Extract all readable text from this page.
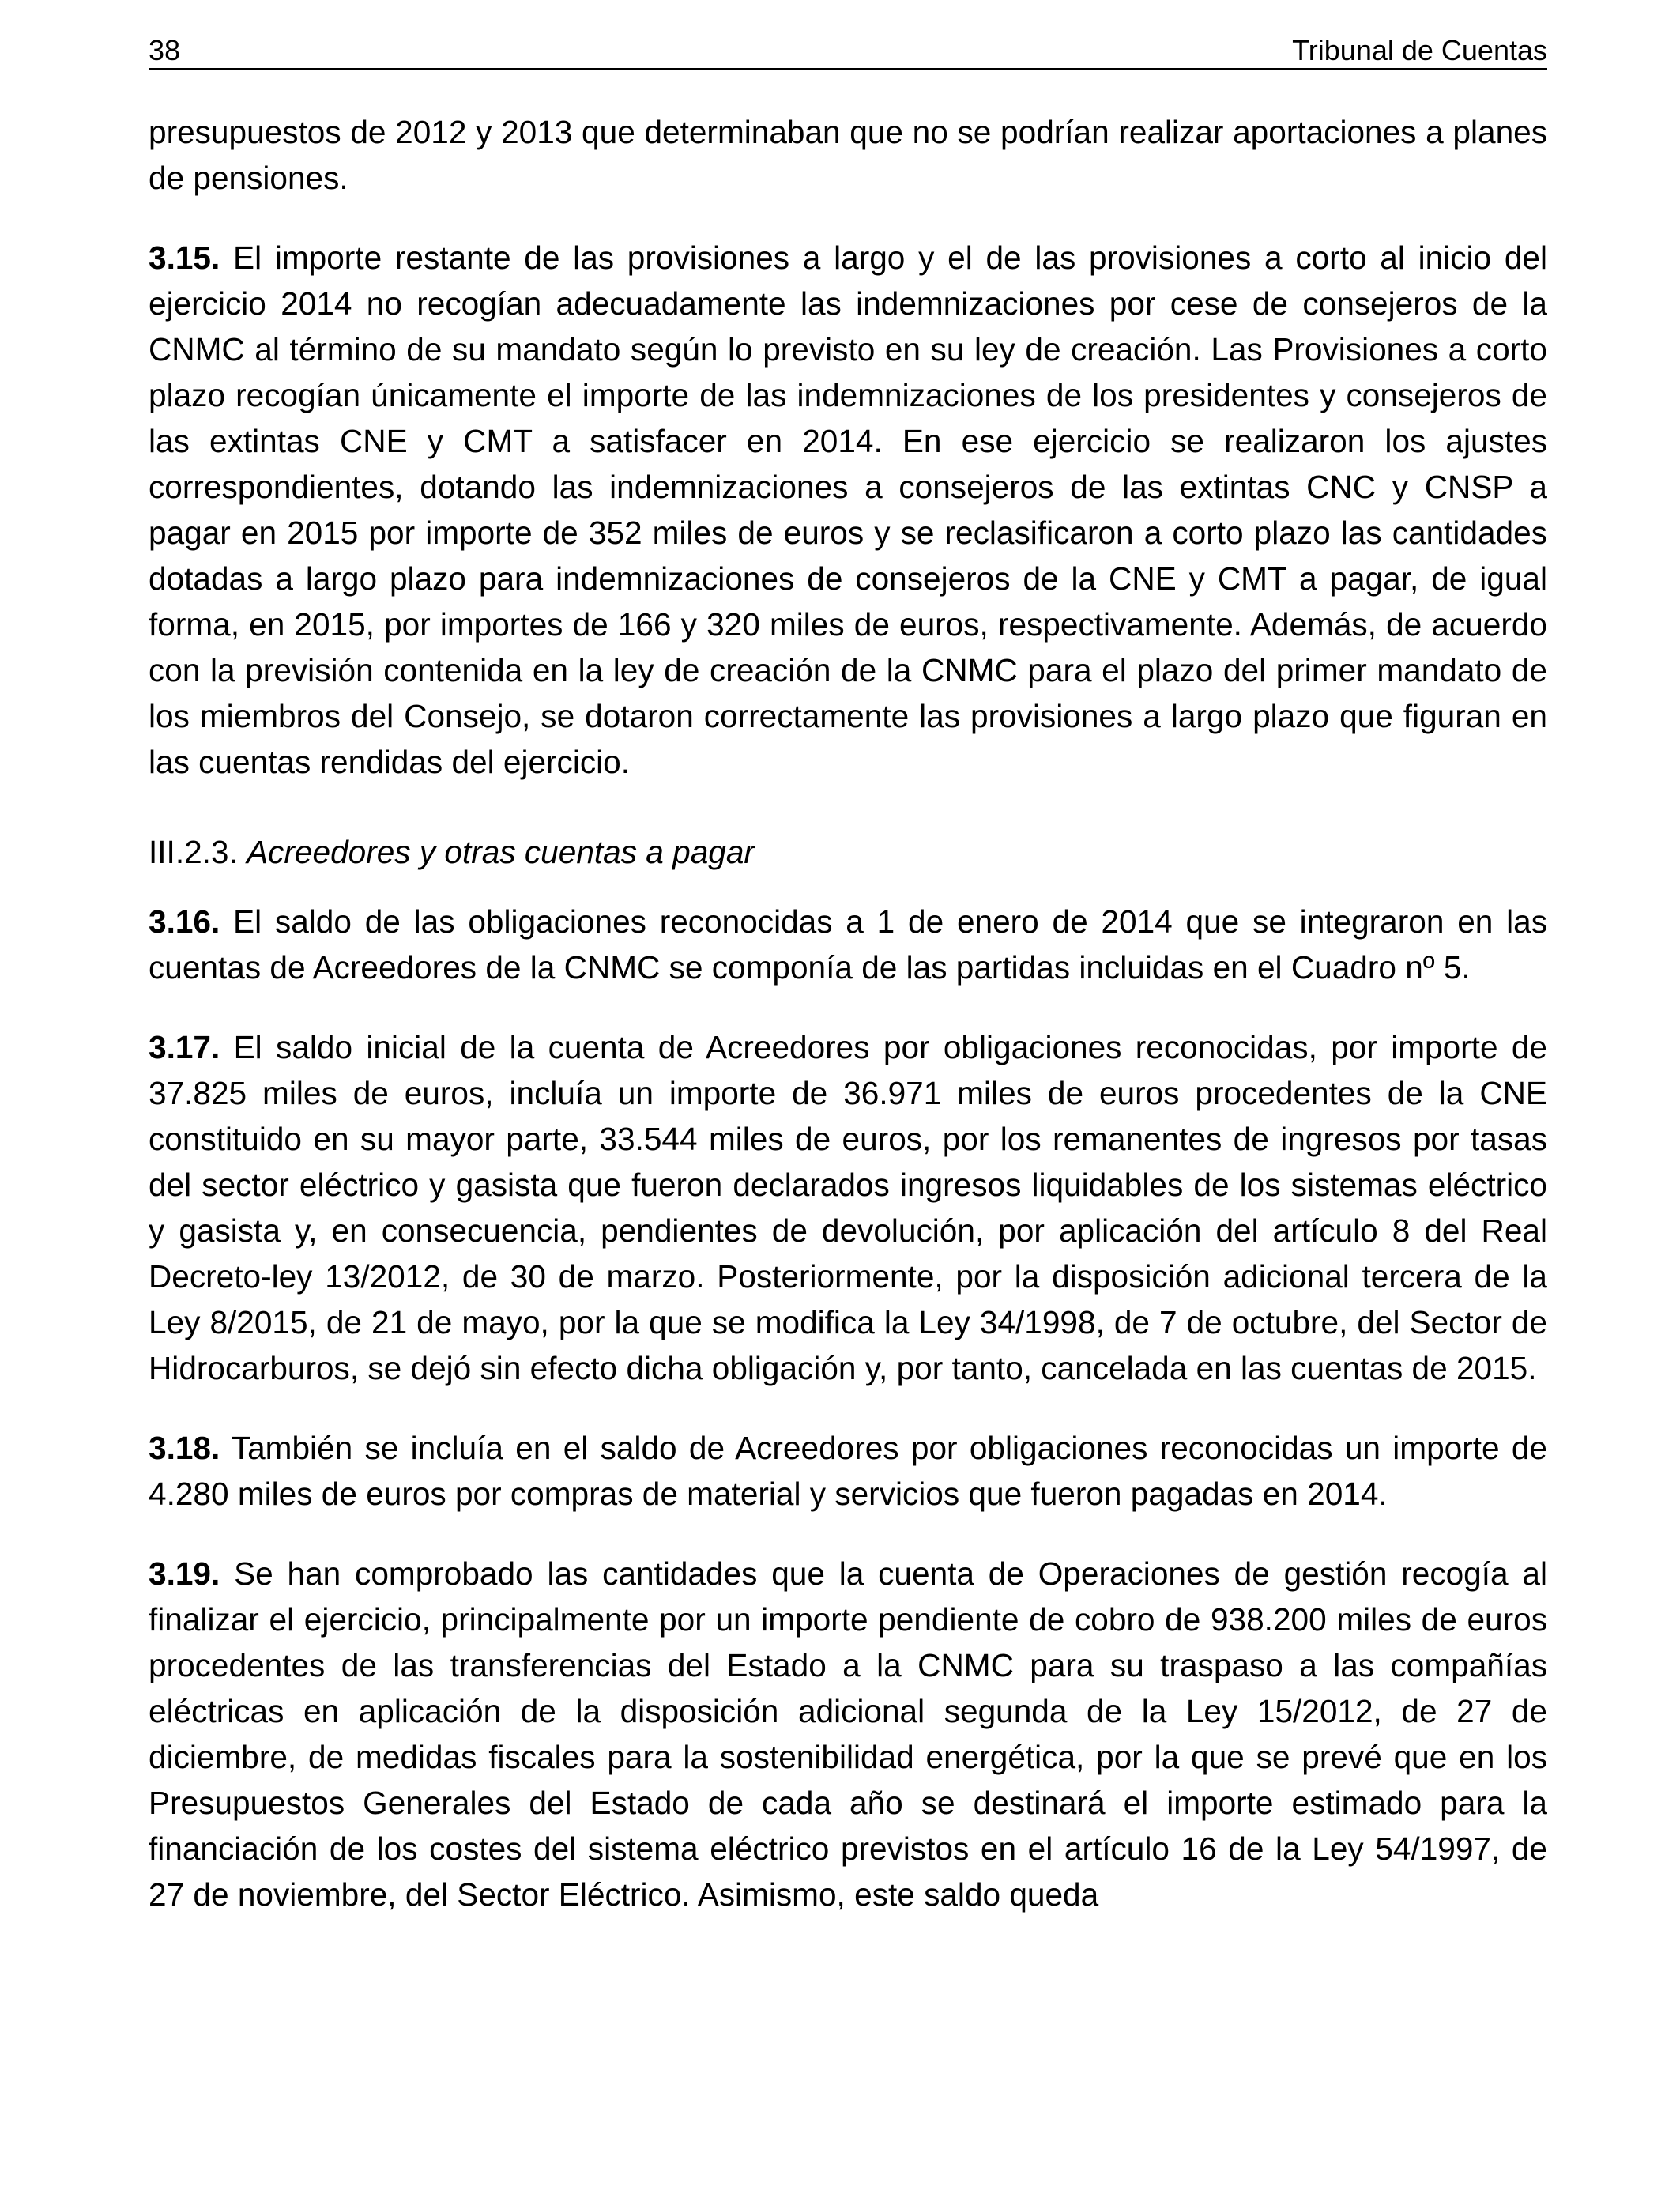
38	Tribunal de Cuentas

presupuestos de 2012 y 2013 que determinaban que no se podrían realizar aportaciones a planes de pensiones.

3.15. El importe restante de las provisiones a largo y el de las provisiones a corto al inicio del ejercicio 2014 no recogían adecuadamente las indemnizaciones por cese de consejeros de la CNMC al término de su mandato según lo previsto en su ley de creación. Las Provisiones a corto plazo recogían únicamente el importe de las indemnizaciones de los presidentes y consejeros de las extintas CNE y CMT a satisfacer en 2014. En ese ejercicio se realizaron los ajustes correspondientes, dotando las indemnizaciones a consejeros de las extintas CNC y CNSP a pagar en 2015 por importe de 352 miles de euros y se reclasificaron a corto plazo las cantidades dotadas a largo plazo para indemnizaciones de consejeros de la CNE y CMT a pagar, de igual forma, en 2015, por importes de 166 y 320 miles de euros, respectivamente. Además, de acuerdo con la previsión contenida en la ley de creación de la CNMC para el plazo del primer mandato de los miembros del Consejo, se dotaron correctamente las provisiones a largo plazo que figuran en las cuentas rendidas del ejercicio.

III.2.3. Acreedores y otras cuentas a pagar

3.16. El saldo de las obligaciones reconocidas a 1 de enero de 2014 que se integraron en las cuentas de Acreedores de la CNMC se componía de las partidas incluidas en el Cuadro nº 5.

3.17. El saldo inicial de la cuenta de Acreedores por obligaciones reconocidas, por importe de 37.825 miles de euros, incluía un importe de 36.971 miles de euros procedentes de la CNE constituido en su mayor parte, 33.544 miles de euros, por los remanentes de ingresos por tasas del sector eléctrico y gasista que fueron declarados ingresos liquidables de los sistemas eléctrico y gasista y, en consecuencia, pendientes de devolución, por aplicación del artículo 8 del Real Decreto-ley 13/2012, de 30 de marzo. Posteriormente, por la disposición adicional tercera de la Ley 8/2015, de 21 de mayo, por la que se modifica la Ley 34/1998, de 7 de octubre, del Sector de Hidrocarburos, se dejó sin efecto dicha obligación y, por tanto, cancelada en las cuentas de 2015.

3.18. También se incluía en el saldo de Acreedores por obligaciones reconocidas un importe de 4.280 miles de euros por compras de material y servicios que fueron pagadas en 2014.

3.19. Se han comprobado las cantidades que la cuenta de Operaciones de gestión recogía al finalizar el ejercicio, principalmente por un importe pendiente de cobro de 938.200 miles de euros procedentes de las transferencias del Estado a la CNMC para su traspaso a las compañías eléctricas en aplicación de la disposición adicional segunda de la Ley 15/2012, de 27 de diciembre, de medidas fiscales para la sostenibilidad energética, por la que se prevé que en los Presupuestos Generales del Estado de cada año se destinará el importe estimado para la financiación de los costes del sistema eléctrico previstos en el artículo 16 de la Ley 54/1997, de 27 de noviembre, del Sector Eléctrico. Asimismo, este saldo queda
